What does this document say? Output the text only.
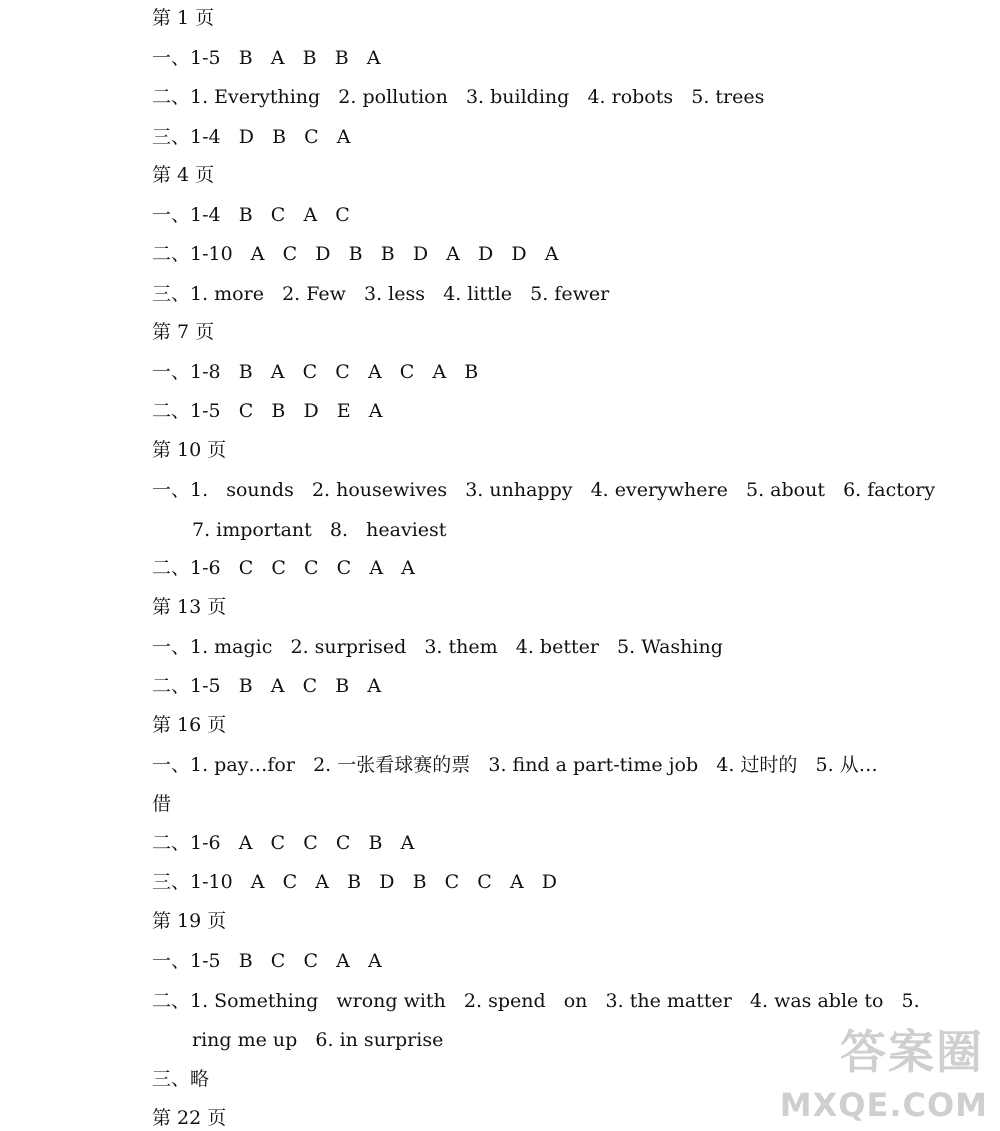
第 1 页
一、1-5   B   A   B   B   A
二、1. Everything   2. pollution   3. building   4. robots   5. trees
三、1-4   D   B   C   A
第 4 页
一、1-4   B   C   A   C
二、1-10   A   C   D   B   B   D   A   D   D   A
三、1. more   2. Few   3. less   4. little   5. fewer
第 7 页
一、1-8   B   A   C   C   A   C   A   B
二、1-5   C   B   D   E   A
第 10 页
一、1.   sounds   2. housewives   3. unhappy   4. everywhere   5. about   6. factory
7. important   8.   heaviest
二、1-6   C   C   C   C   A   A
第 13 页
一、1. magic   2. surprised   3. them   4. better   5. Washing
二、1-5   B   A   C   B   A
第 16 页
一、1. pay…for   2. 一张看球赛的票   3. find a part-time job   4. 过时的   5. 从…
借
二、1-6   A   C   C   C   B   A
三、1-10   A   C   A   B   D   B   C   C   A   D
第 19 页
一、1-5   B   C   C   A   A
二、1. Something   wrong with   2. spend   on   3. the matter   4. was able to   5.
ring me up   6. in surprise
三、略
第 22 页
答案圈
MXQE.COM
